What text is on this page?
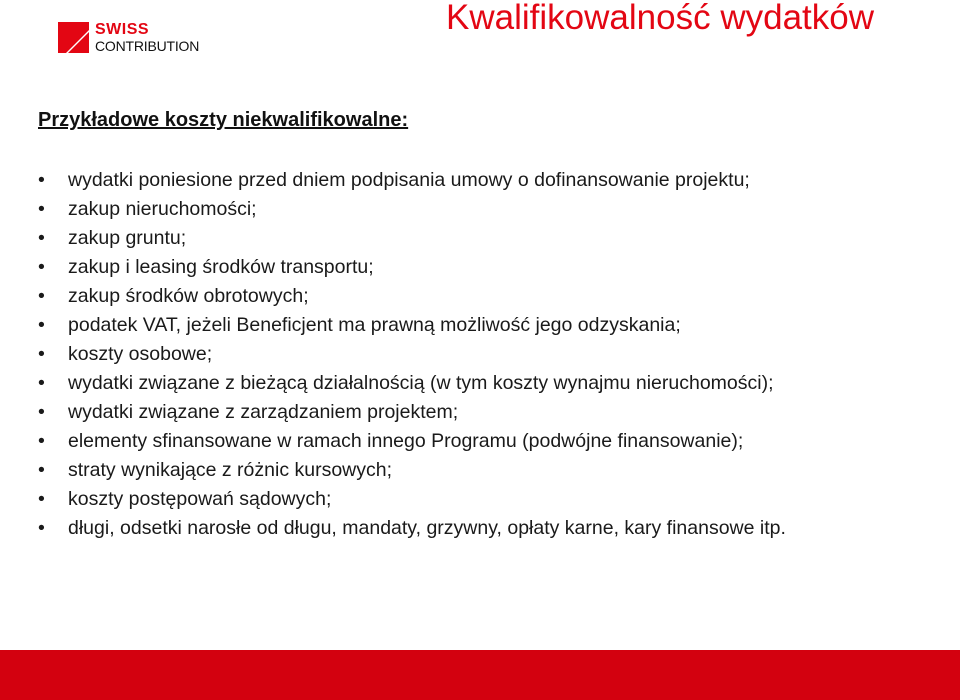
SWISS
CONTRIBUTION
Kwalifikowalność wydatków
Przykładowe koszty niekwalifikowalne:
• wydatki poniesione przed dniem podpisania umowy o dofinansowanie projektu;
• zakup nieruchomości;
• zakup gruntu;
• zakup i leasing środków transportu;
• zakup środków obrotowych;
• podatek VAT, jeżeli Beneficjent ma prawną możliwość jego odzyskania;
• koszty osobowe;
• wydatki związane z bieżącą działalnością (w tym koszty wynajmu nieruchomości);
• wydatki związane z zarządzaniem projektem;
• elementy sfinansowane w ramach innego Programu (podwójne finansowanie);
• straty wynikające z różnic kursowych;
• koszty postępowań sądowych;
• długi, odsetki narosłe od długu, mandaty, grzywny, opłaty karne, kary finansowe itp.
